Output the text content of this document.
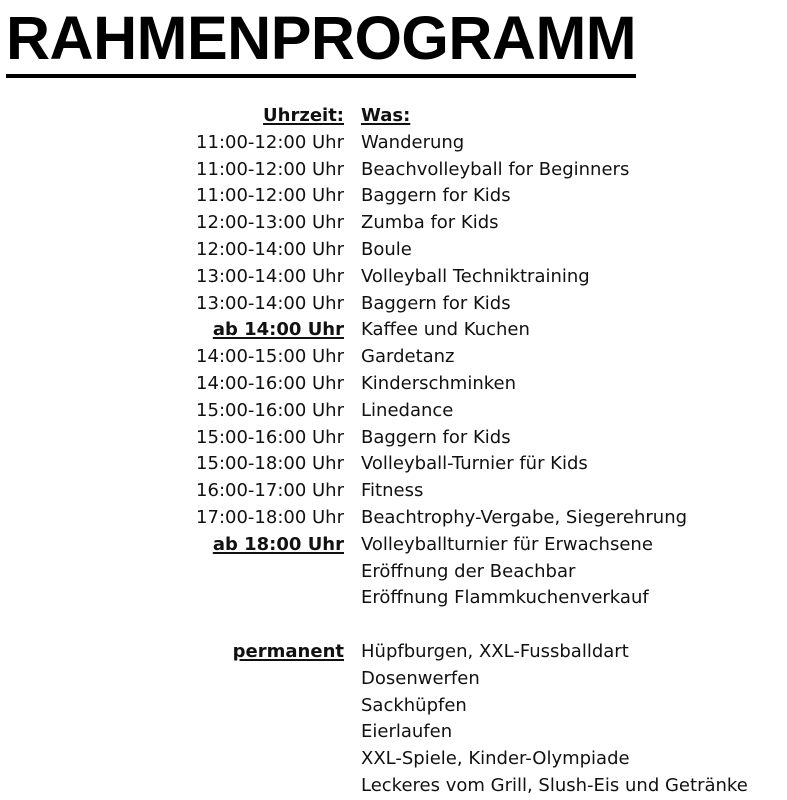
RAHMENPROGRAMM
Uhrzeit: Was:
11:00-12:00 Uhr Wanderung
11:00-12:00 Uhr Beachvolleyball for Beginners
11:00-12:00 Uhr Baggern for Kids
12:00-13:00 Uhr Zumba for Kids
12:00-14:00 Uhr Boule
13:00-14:00 Uhr Volleyball Techniktraining
13:00-14:00 Uhr Baggern for Kids
ab 14:00 Uhr Kaffee und Kuchen
14:00-15:00 Uhr Gardetanz
14:00-16:00 Uhr Kinderschminken
15:00-16:00 Uhr Linedance
15:00-16:00 Uhr Baggern for Kids
15:00-18:00 Uhr Volleyball-Turnier für Kids
16:00-17:00 Uhr Fitness
17:00-18:00 Uhr Beachtrophy-Vergabe, Siegerehrung
ab 18:00 Uhr Volleyballturnier für Erwachsene
Eröffnung der Beachbar
Eröffnung Flammkuchenverkauf
permanent Hüpfburgen, XXL-Fussballdart
Dosenwerfen
Sackhüpfen
Eierlaufen
XXL-Spiele, Kinder-Olympiade
Leckeres vom Grill, Slush-Eis und Getränke
